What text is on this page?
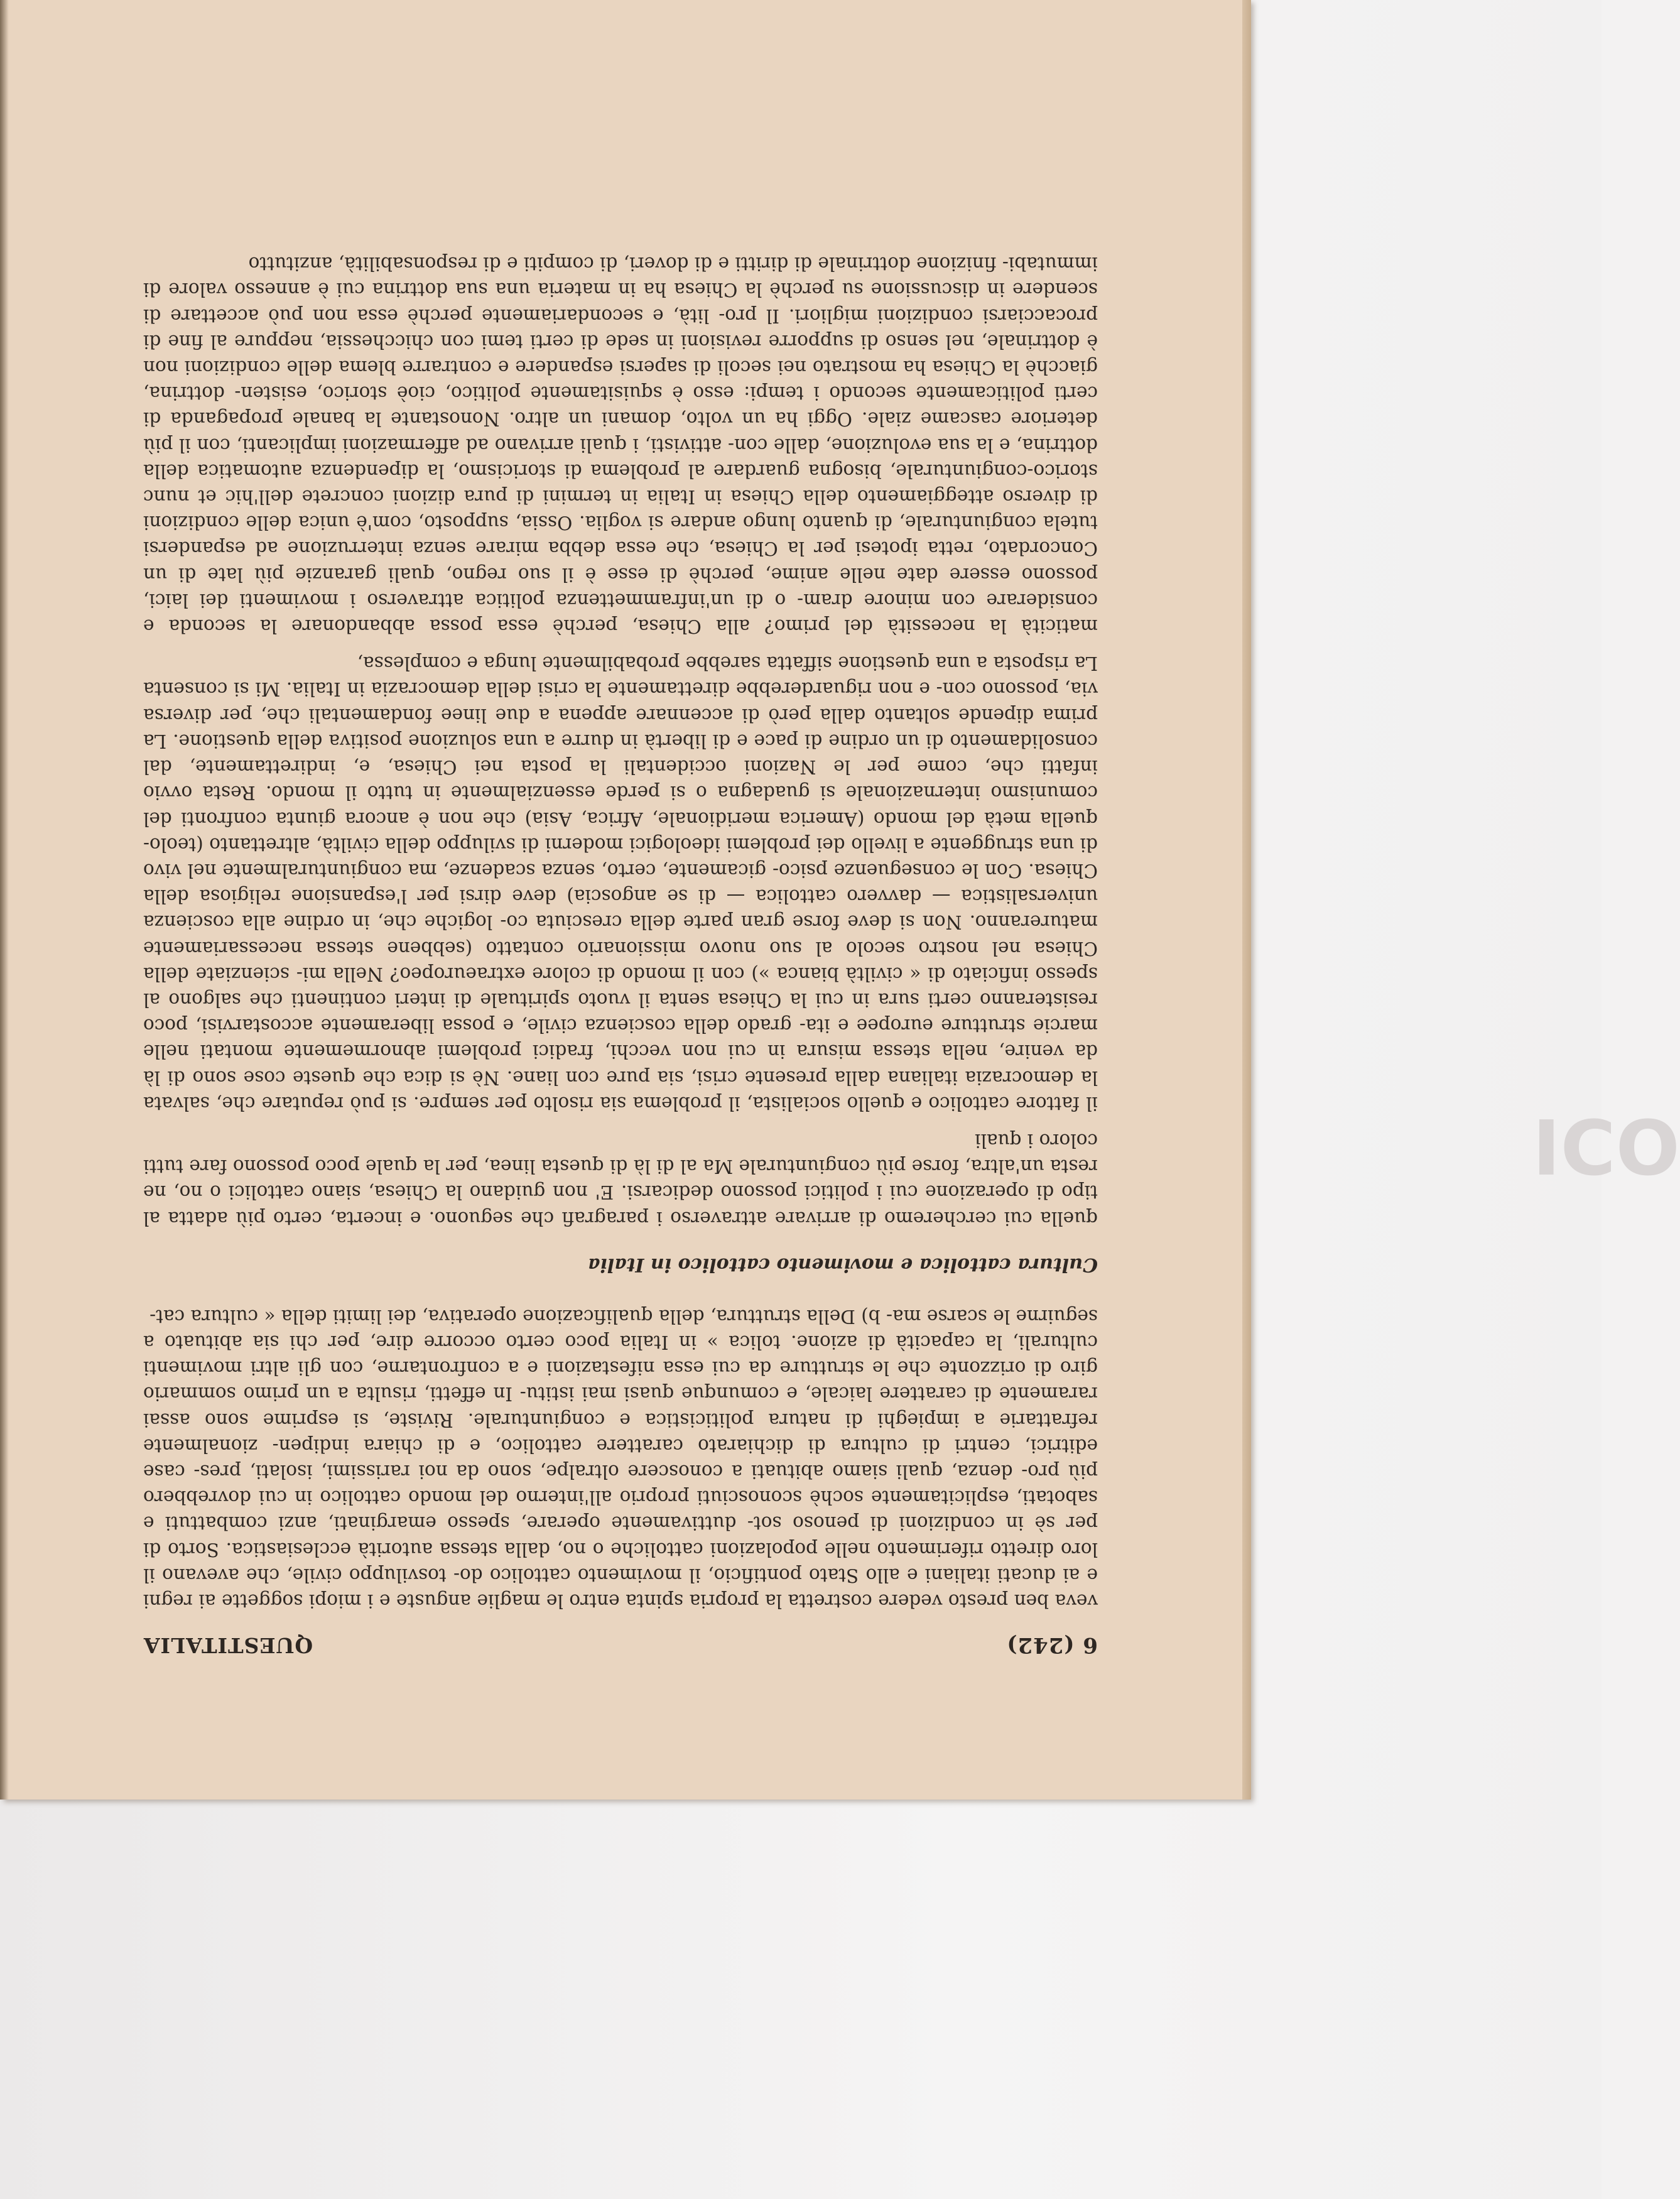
ICO
6 (242)
QUESTITALIA

veva ben presto vedere costretta la propria spinta entro le maglie anguste e i miopi soggette ai regni e ai ducati italiani e allo Stato pontificio, il movimento cattolico do- tosviluppo civile, che avevano il loro diretto riferimento nelle popolazioni cattoliche o no, dalla stessa autorità ecclesiastica. Sorto di per sè in condizioni di penoso sot- duttivamente operare, spesso emarginati, anzi combattuti e sabotati, esplicitamente sochè sconosciuti proprio all'interno del mondo cattolico in cui dovrebbero più pro- denza, quali siamo abituati a conoscere oltralpe, sono da noi rarissimi, isolati, pres- case editrici, centri di cultura di dichiarato carattere cattolico, e di chiara indipen- zionalmente refrattarie a impieghi di natura politicistica e congiunturale. Riviste, si esprime sono assai raramente di carattere laicale, e comunque quasi mai istitu- In effetti, risulta a un primo sommario giro di orizzonte che le strutture da cui essa nifestazioni e a confrontarne, con gli altri movimenti culturali, la capacità di azione. tolica » in Italia poco certo occorre dire, per chi sia abituato a seguirne le scarse ma- b) Della struttura, della qualificazione operativa, dei limiti della « cultura cat-

Cultura cattolica e movimento cattolico in Italia

quella cui cercheremo di arrivare attraverso i paragrafi che seguono. e incerta, certo più adatta al tipo di operazione cui i politici possono dedicarsi. E' non guidano la Chiesa, siano cattolici o no, ne resta un'altra, forse più congiunturale Ma al di là di questa linea, per la quale poco possono fare tutti coloro i quali

il fattore cattolico e quello socialista, il problema sia risolto per sempre. si può reputare che, salvata la democrazia italiana dalla presente crisi, sia pure con liane. Nè si dica che queste cose sono di là da venire, nella stessa misura in cui non vecchi, fradici problemi abnormemente montati nelle marcie strutture europee e ita- grado della coscienza civile, e possa liberamente accostarvisi, poco resisteranno certi sura in cui la Chiesa senta il vuoto spirituale di interi continenti che salgono al spesso inficiato di « civiltà bianca ») con il mondo di colore extraeuropeo? Nella mi- scienziate della Chiesa nel nostro secolo al suo nuovo missionario contatto (sebbene stessa necessariamente matureranno. Non si deve forse gran parte della cresciuta co- logiche che, in ordine alla coscienza universalistica — davvero cattolica — di se angoscia) deve dirsi per l'espansione religiosa della Chiesa. Con le conseguenze psico- gicamente, certo, senza scadenze, ma congiunturalmente nel vivo di una struggente a livello dei problemi ideologici moderni di sviluppo della civiltà, altrettanto (teolo- quella metà del mondo (America meridionale, Africa, Asia) che non è ancora giunta confronti del comunismo internazionale si guadagna o si perde essenzialmente in tutto il mondo. Resta ovvio infatti che, come per le Nazioni occidentali la posta nei Chiesa, e, indirettamente, dal consolidamento di un ordine di pace e di libertà in durre a una soluzione positiva della questione. La prima dipende soltanto dalla però di accennare appena a due linee fondamentali che, per diversa via, possono con- e non riguarderebbe direttamente la crisi della democrazia in Italia. Mi si consenta La risposta a una questione siffatta sarebbe probabilmente lunga e complessa,

maticità la necessità del primo? alla Chiesa, perchè essa possa abbandonare la seconda e considerare con minore dram- o di un'inframmettenza politica attraverso i movimenti dei laici, possono essere date nelle anime, perchè di esse è il suo regno, quali garanzie più late di un Concordato, retta ipotesi per la Chiesa, che essa debba mirare senza interruzione ad espandersi tutela congiunturale, di quanto lungo andare si voglia. Ossia, supposto, com'è unica delle condizioni di diverso atteggiamento della Chiesa in Italia in termini di pura dizioni concrete dell'hic et nunc storico-congiunturale, bisogna guardare al problema di storicismo, la dipendenza automatica della dottrina, e la sua evoluzione, dalle con- attivisti, i quali arrivano ad affermazioni implicanti, con il più deteriore cascame ziale. Oggi ha un volto, domani un altro. Nonostante la banale propaganda di certi politicamente secondo i tempi: esso è squisitamente politico, cioè storico, esisten- dottrina, giacchè la Chiesa ha mostrato nei secoli di sapersi espandere e contrarre blema delle condizioni non è dottrinale, nel senso di supporre revisioni in sede di certi temi con chicchessia, neppure al fine di procacciarsi condizioni migliori. Il pro- lità, e secondariamente perchè essa non può accettare di scendere in discussione su perchè la Chiesa ha in materia una sua dottrina cui è annesso valore di immutabi- finizione dottrinale di diritti e di doveri, di compiti e di responsabilità, anzitutto
